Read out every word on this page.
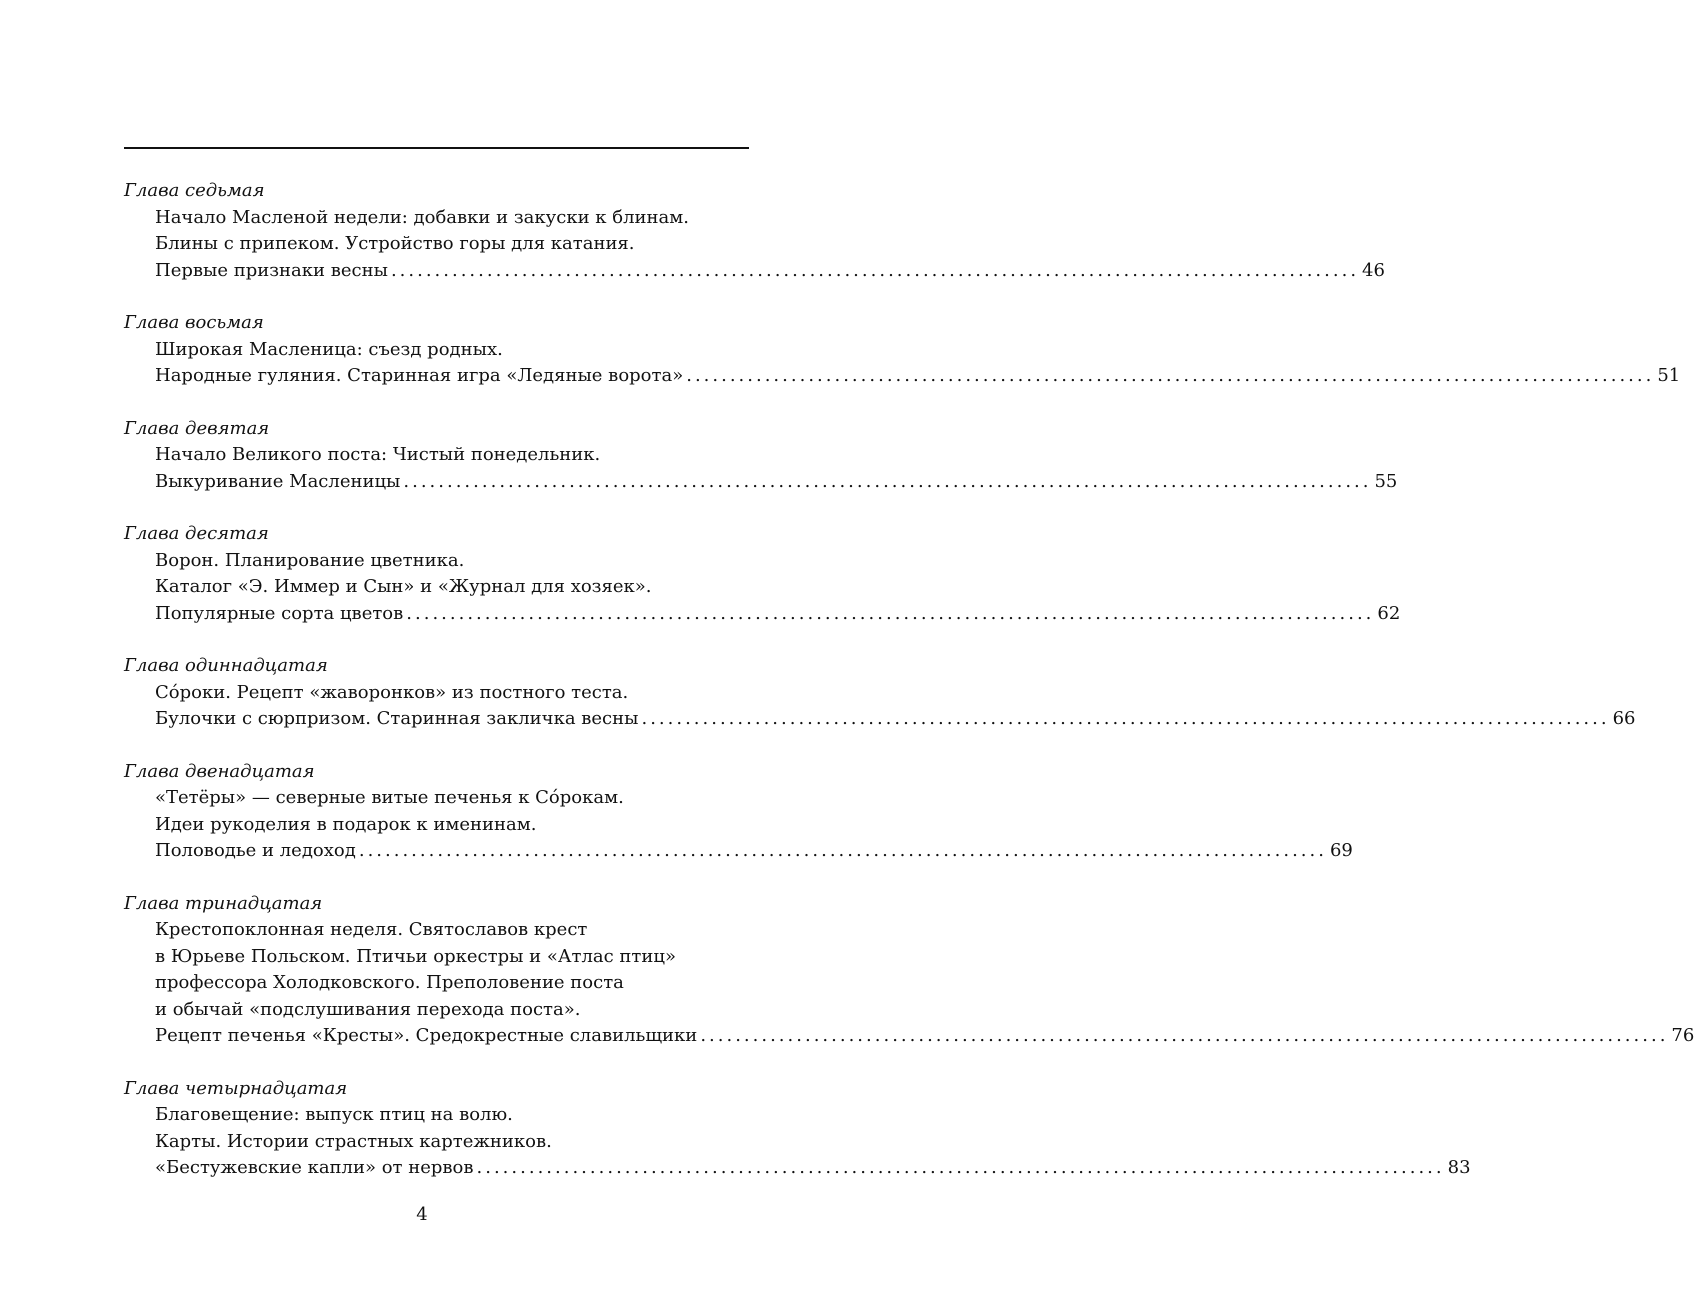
Глава седьмая
Начало Масленой недели: добавки и закуски к блинам.
Блины с припеком. Устройство горы для катания.
Первые признаки весны .....	46
Глава восьмая
Широкая Масленица: съезд родных.
Народные гуляния. Старинная игра «Ледяные ворота» .....	51
Глава девятая
Начало Великого поста: Чистый понедельник.
Выкуривание Масленицы .....	55
Глава десятая
Ворон. Планирование цветника.
Каталог «Э. Иммер и Сын» и «Журнал для хозяек».
Популярные сорта цветов .....	62
Глава одиннадцатая
Со́роки. Рецепт «жаворонков» из постного теста.
Булочки с сюрпризом. Старинная закличка весны .....	66
Глава двенадцатая
«Тетёры» — северные витые печенья к Со́рокам.
Идеи рукоделия в подарок к именинам.
Половодье и ледоход .....	69
Глава тринадцатая
Крестопоклонная неделя. Святославов крест
в Юрьеве Польском. Птичьи оркестры и «Атлас птиц»
профессора Холодковского. Преполовение поста
и обычай «подслушивания перехода поста».
Рецепт печенья «Кресты». Средокрестные славильщики .....	76
Глава четырнадцатая
Благовещение: выпуск птиц на волю.
Карты. Истории страстных картежников.
«Бестужевские капли» от нервов .....	83
4
